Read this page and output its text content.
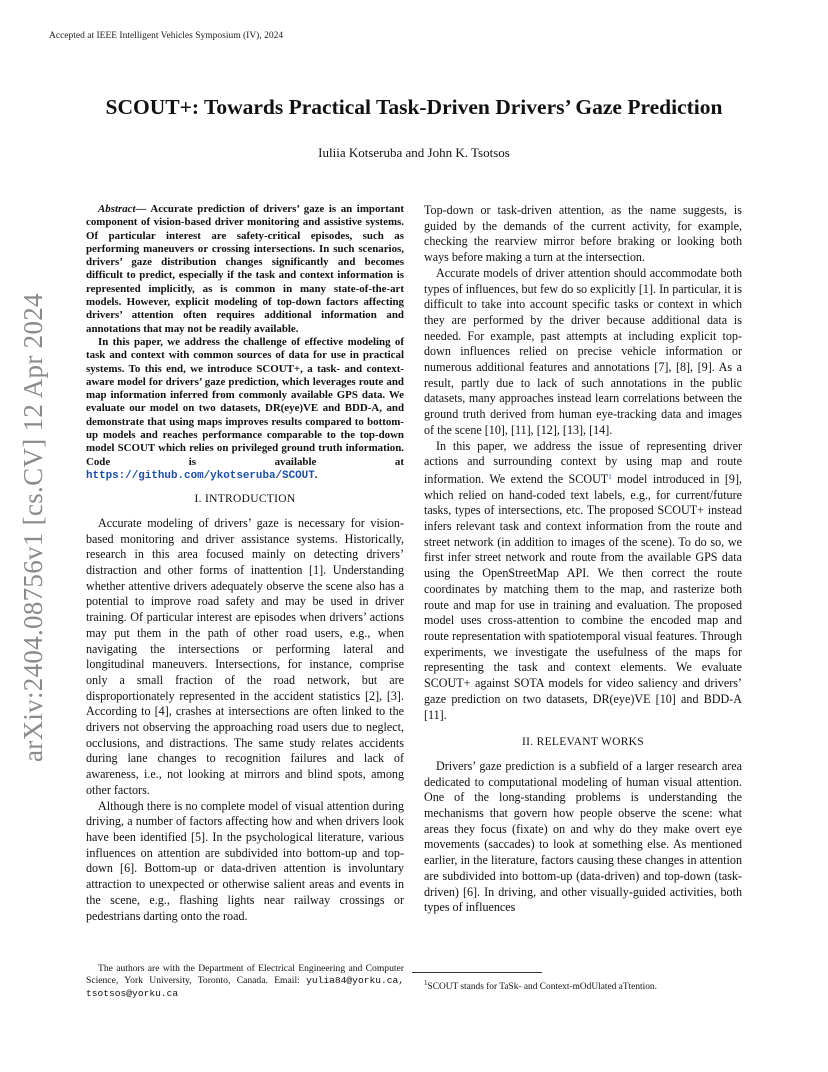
Accepted at IEEE Intelligent Vehicles Symposium (IV), 2024
arXiv:2404.08756v1 [cs.CV] 12 Apr 2024
SCOUT+: Towards Practical Task-Driven Drivers’ Gaze Prediction
Iuliia Kotseruba and John K. Tsotsos

Abstract— Accurate prediction of drivers’ gaze is an important component of vision-based driver monitoring and assistive systems. Of particular interest are safety-critical episodes, such as performing maneuvers or crossing intersections. In such scenarios, drivers’ gaze distribution changes significantly and becomes difficult to predict, especially if the task and context information is represented implicitly, as is common in many state-of-the-art models. However, explicit modeling of top-down factors affecting drivers’ attention often requires additional information and annotations that may not be readily available.

In this paper, we address the challenge of effective modeling of task and context with common sources of data for use in practical systems. To this end, we introduce SCOUT+, a task- and context-aware model for drivers’ gaze prediction, which leverages route and map information inferred from commonly available GPS data. We evaluate our model on two datasets, DR(eye)VE and BDD-A, and demonstrate that using maps improves results compared to bottom-up models and reaches performance comparable to the top-down model SCOUT which relies on privileged ground truth information. Code is available at https://github.com/ykotseruba/SCOUT.

I. INTRODUCTION

Accurate modeling of drivers’ gaze is necessary for vision-based monitoring and driver assistance systems. Historically, research in this area focused mainly on detecting drivers’ distraction and other forms of inattention [1]. Understanding whether attentive drivers adequately observe the scene also has a potential to improve road safety and may be used in driver training. Of particular interest are episodes when drivers’ actions may put them in the path of other road users, e.g., when navigating the intersections or performing lateral and longitudinal maneuvers. Intersections, for instance, comprise only a small fraction of the road network, but are disproportionately represented in the accident statistics [2], [3]. According to [4], crashes at intersections are often linked to the drivers not observing the approaching road users due to neglect, occlusions, and distractions. The same study relates accidents during lane changes to recognition failures and lack of awareness, i.e., not looking at mirrors and blind spots, among other factors.

Although there is no complete model of visual attention during driving, a number of factors affecting how and when drivers look have been identified [5]. In the psychological literature, various influences on attention are subdivided into bottom-up and top-down [6]. Bottom-up or data-driven attention is involuntary attraction to unexpected or otherwise salient areas and events in the scene, e.g., flashing lights near railway crossings or pedestrians darting onto the road.

Top-down or task-driven attention, as the name suggests, is guided by the demands of the current activity, for example, checking the rearview mirror before braking or looking both ways before making a turn at the intersection.

Accurate models of driver attention should accommodate both types of influences, but few do so explicitly [1]. In particular, it is difficult to take into account specific tasks or context in which they are performed by the driver because additional data is needed. For example, past attempts at including explicit top-down influences relied on precise vehicle information or numerous additional features and annotations [7], [8], [9]. As a result, partly due to lack of such annotations in the public datasets, many approaches instead learn correlations between the ground truth derived from human eye-tracking data and images of the scene [10], [11], [12], [13], [14].

In this paper, we address the issue of representing driver actions and surrounding context by using map and route information. We extend the SCOUT$^1$ model introduced in [9], which relied on hand-coded text labels, e.g., for current/future tasks, types of intersections, etc. The proposed SCOUT+ instead infers relevant task and context information from the route and street network (in addition to images of the scene). To do so, we first infer street network and route from the available GPS data using the OpenStreetMap API. We then correct the route coordinates by matching them to the map, and rasterize both route and map for use in training and evaluation. The proposed model uses cross-attention to combine the encoded map and route representation with spatiotemporal visual features. Through experiments, we investigate the usefulness of the maps for representing the task and context elements. We evaluate SCOUT+ against SOTA models for video saliency and drivers’ gaze prediction on two datasets, DR(eye)VE [10] and BDD-A [11].

II. RELEVANT WORKS

Drivers’ gaze prediction is a subfield of a larger research area dedicated to computational modeling of human visual attention. One of the long-standing problems is understanding the mechanisms that govern how people observe the scene: what areas they focus (fixate) on and why do they make overt eye movements (saccades) to look at something else. As mentioned earlier, in the literature, factors causing these changes in attention are subdivided into bottom-up (data-driven) and top-down (task-driven) [6]. In driving, and other visually-guided activities, both types of influences

The authors are with the Department of Electrical Engineering and Computer Science, York University, Toronto, Canada. Email: yulia84@yorku.ca, tsotsos@yorku.ca
$^1$SCOUT stands for TaSk- and Context-mOdUlated aTtention.
